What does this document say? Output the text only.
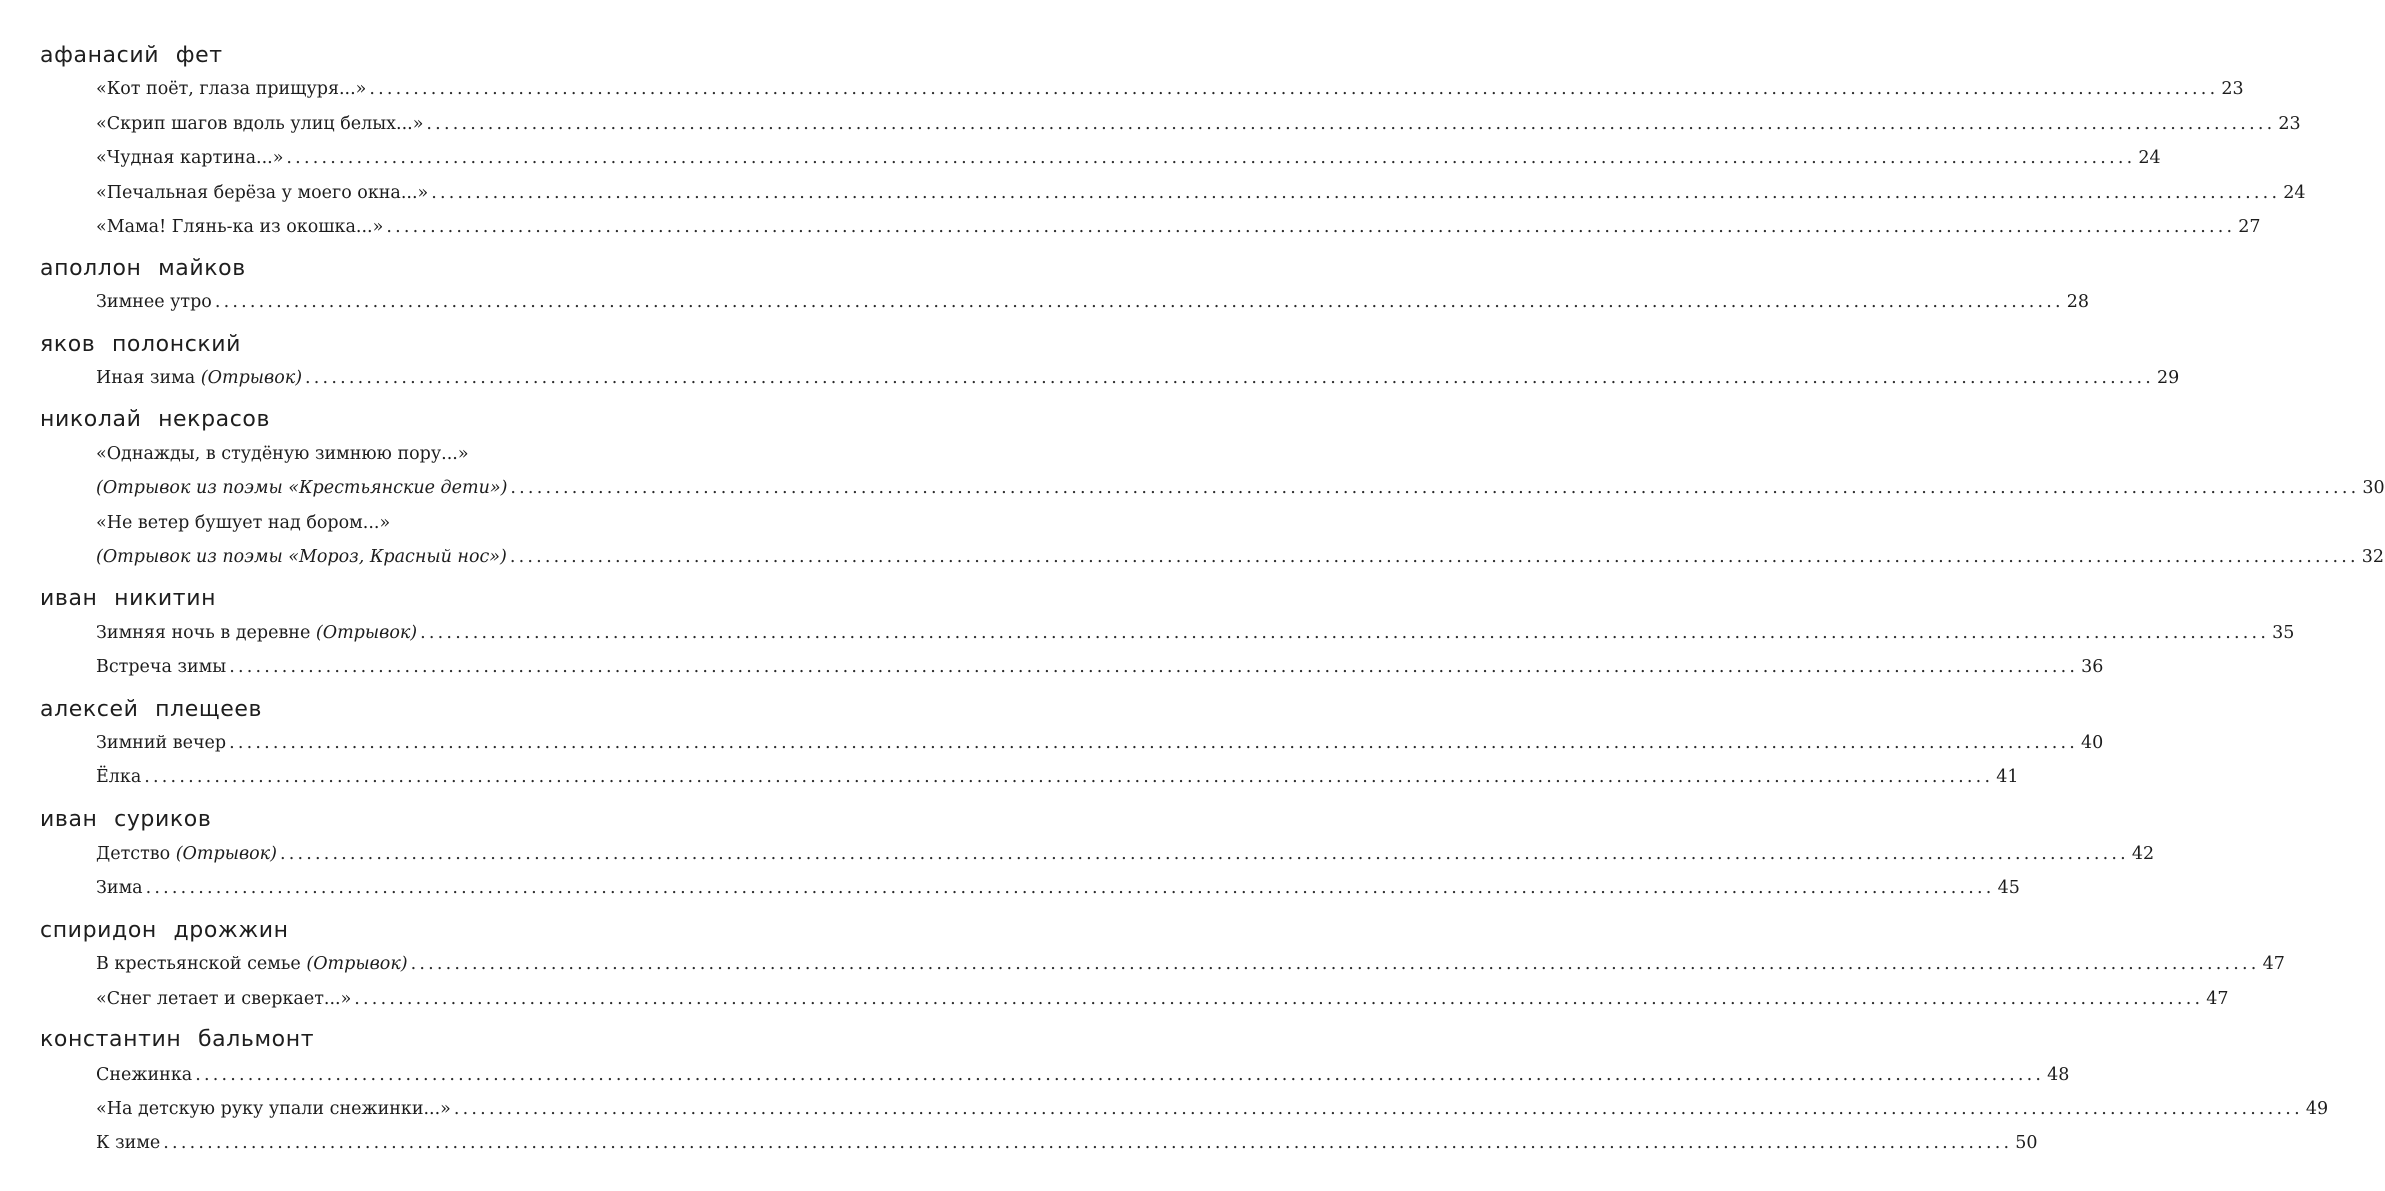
афанасий фет
«Кот поёт, глаза прищуря...» ................................................................................................................................................................................................................... 23
«Скрип шагов вдоль улиц белых...» ................................................................................................................................................................................................................... 23
«Чудная картина...» ................................................................................................................................................................................................................... 24
«Печальная берёза у моего окна...» ................................................................................................................................................................................................................... 24
«Мама! Глянь-ка из окошка...» ................................................................................................................................................................................................................... 27
аполлон майков
Зимнее утро ................................................................................................................................................................................................................... 28
яков полонский
Иная зима (Отрывок) ................................................................................................................................................................................................................... 29
николай некрасов
«Однажды, в студёную зимнюю пору...»
(Отрывок из поэмы «Крестьянские дети») ................................................................................................................................................................................................................... 30
«Не ветер бушует над бором...»
(Отрывок из поэмы «Мороз, Красный нос») ................................................................................................................................................................................................................... 32
иван никитин
Зимняя ночь в деревне (Отрывок) ................................................................................................................................................................................................................... 35
Встреча зимы ................................................................................................................................................................................................................... 36
алексей плещеев
Зимний вечер ................................................................................................................................................................................................................... 40
Ёлка ................................................................................................................................................................................................................... 41
иван суриков
Детство (Отрывок) ................................................................................................................................................................................................................... 42
Зима ................................................................................................................................................................................................................... 45
спиридон дрожжин
В крестьянской семье (Отрывок) ................................................................................................................................................................................................................... 47
«Снег летает и сверкает...» ................................................................................................................................................................................................................... 47
константин бальмонт
Снежинка ................................................................................................................................................................................................................... 48
«На детскую руку упали снежинки...» ................................................................................................................................................................................................................... 49
К зиме ................................................................................................................................................................................................................... 50
